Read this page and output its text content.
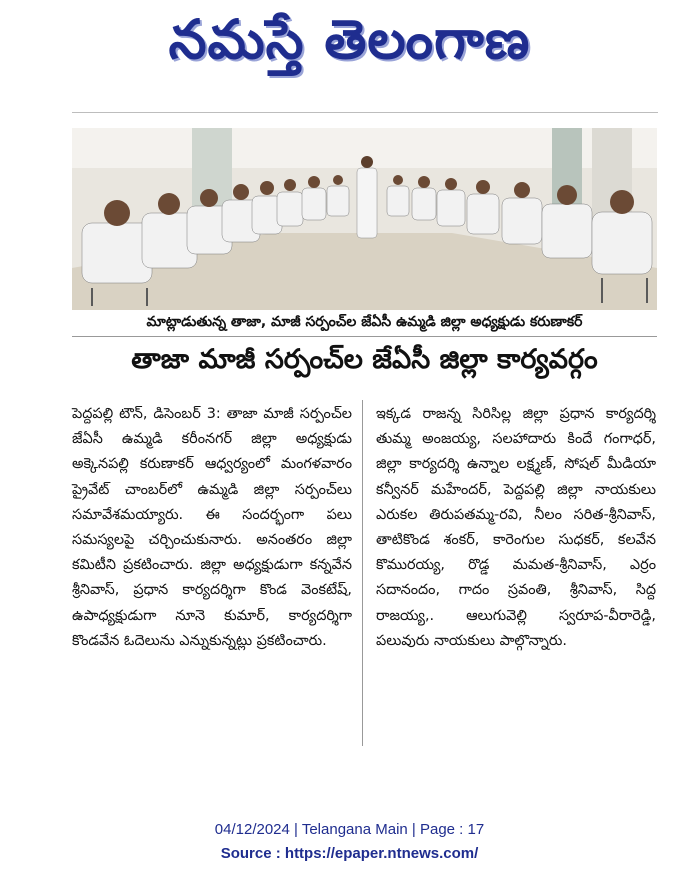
నమస్తే తెలంగాణ
మాట్లాడుతున్న తాజా, మాజీ సర్పంచ్‌ల జేఏసీ ఉమ్మడి జిల్లా అధ్యక్షుడు కరుణాకర్
తాజా మాజీ సర్పంచ్‌ల జేఏసీ జిల్లా కార్యవర్గం
పెద్దపల్లి టౌన్, డిసెంబర్ 3: తాజా మాజీ సర్పంచ్‌ల జేఏసీ ఉమ్మడి కరీంనగర్ జిల్లా అధ్యక్షుడు అక్కెనపల్లి కరుణాకర్ ఆధ్వర్యంలో మంగళవారం ప్రైవేట్ చాంబర్‌లో ఉమ్మడి జిల్లా సర్పంచ్‌లు సమావేశమయ్యారు. ఈ సందర్భంగా పలు సమస్యలపై చర్చించుకునారు. అనంతరం జిల్లా కమిటీని ప్రకటించారు. జిల్లా అధ్యక్షుడుగా కన్నవేన శ్రీనివాస్, ప్రధాన కార్యదర్శిగా కొండ వెంకటేష్, ఉపాధ్యక్షుడుగా నూనె కుమార్, కార్యదర్శిగా కొండవేన ఓదెలును ఎన్నుకున్నట్లు ప్రకటించారు.
ఇక్కడ రాజన్న సిరిసిల్ల జిల్లా ప్రధాన కార్యదర్శి తుమ్మ అంజయ్య, సలహాదారు కిందే గంగాధర్, జిల్లా కార్యదర్శి ఉన్నాల లక్ష్మణ్, సోషల్ మీడియా కన్వీనర్ మహేందర్, పెద్దపల్లి జిల్లా నాయకులు ఎరుకల తిరుపతమ్మ-రవి, నీలం సరిత-శ్రీనివాస్, తాటికొండ శంకర్, కారెంగుల సుధకర్, కలవేన కొమురయ్య, రొడ్డ మమత-శ్రీనివాస్, ఎర్రం సదానందం, గాదం స్రవంతి, శ్రీనివాస్, సిద్ద రాజయ్య,. ఆలుగువెల్లి స్వరూప-వీరారెడ్డి, పలువురు నాయకులు పాల్గొన్నారు.
04/12/2024 | Telangana Main | Page : 17
Source : https://epaper.ntnews.com/
